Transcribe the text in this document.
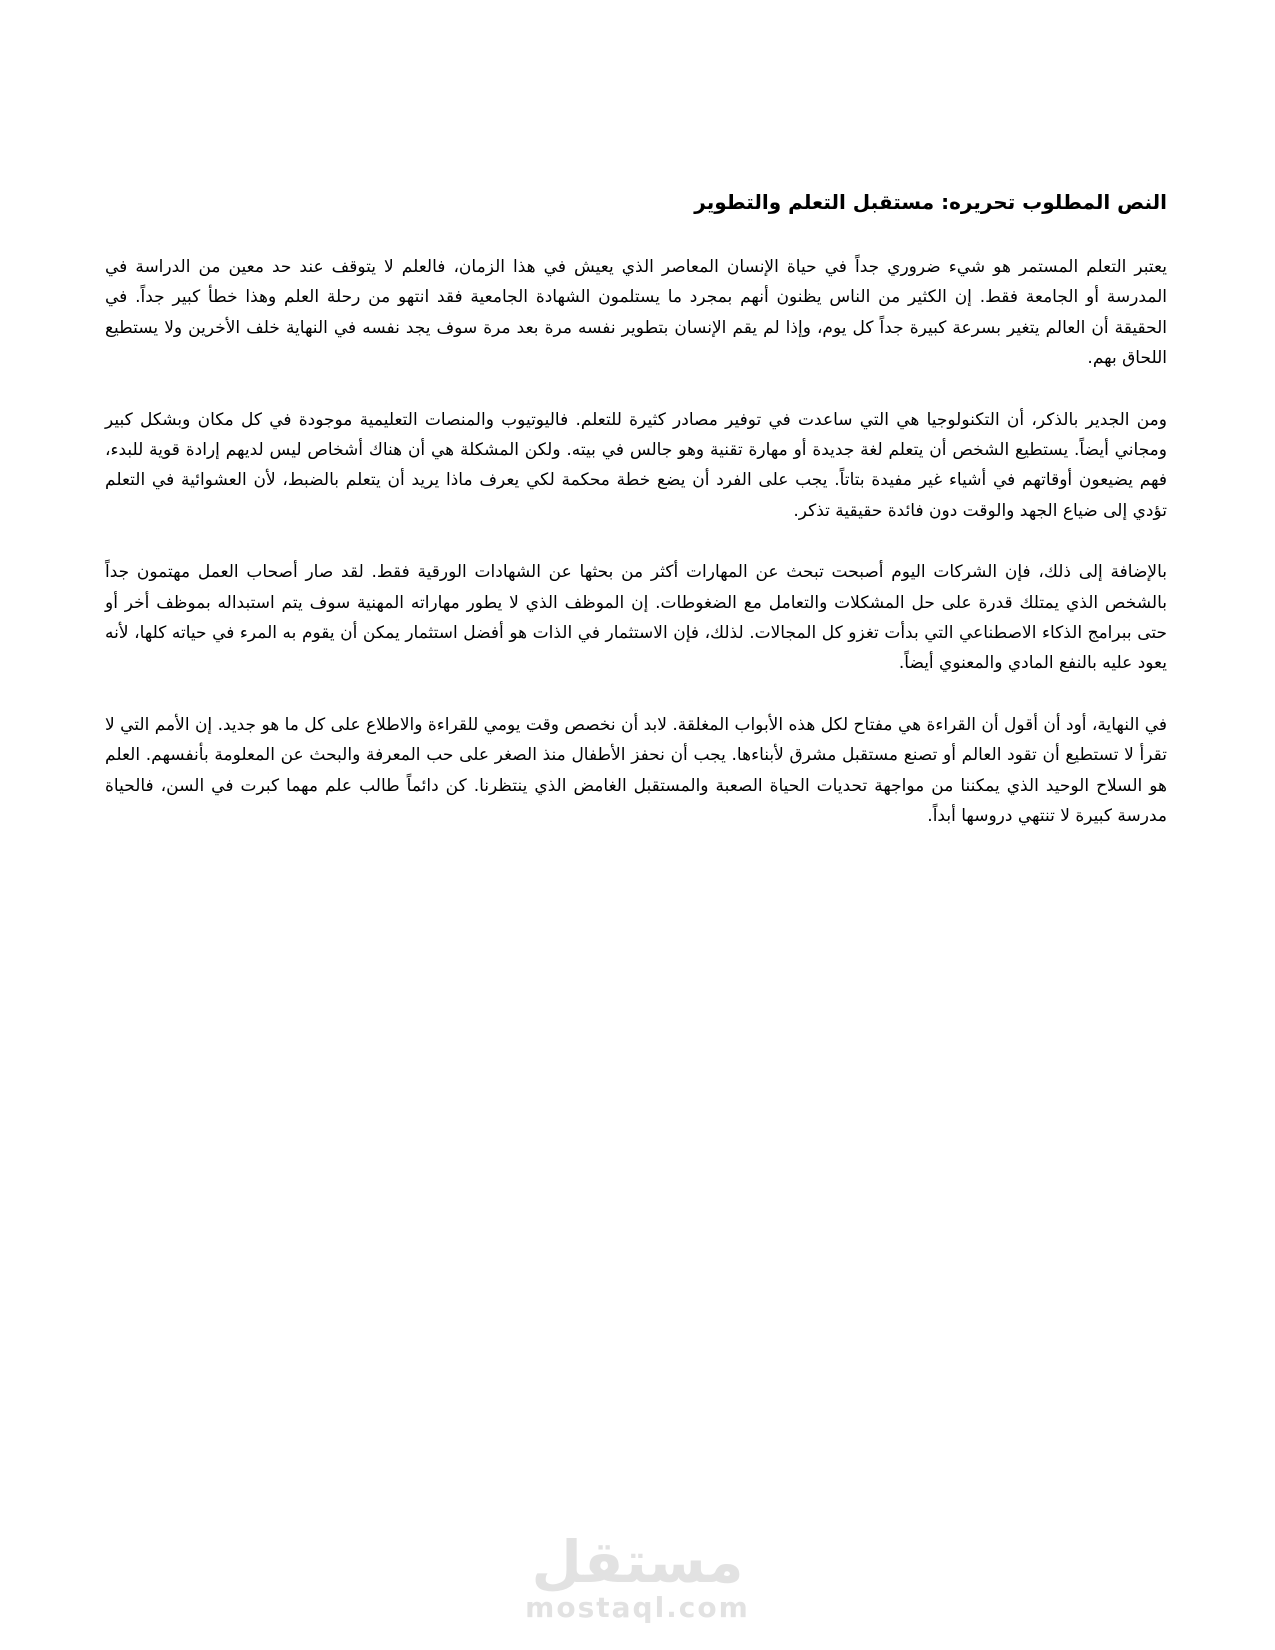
النص المطلوب تحريره: مستقبل التعلم والتطوير

يعتبر التعلم المستمر هو شيء ضروري جداً في حياة الإنسان المعاصر الذي يعيش في هذا الزمان، فالعلم لا يتوقف عند حد معين من الدراسة في المدرسة أو الجامعة فقط. إن الكثير من الناس يظنون أنهم بمجرد ما يستلمون الشهادة الجامعية فقد انتهو من رحلة العلم وهذا خطأ كبير جداً. في الحقيقة أن العالم يتغير بسرعة كبيرة جداً كل يوم، وإذا لم يقم الإنسان بتطوير نفسه مرة بعد مرة سوف يجد نفسه في النهاية خلف الأخرين ولا يستطيع اللحاق بهم.

ومن الجدير بالذكر، أن التكنولوجيا هي التي ساعدت في توفير مصادر كثيرة للتعلم. فاليوتيوب والمنصات التعليمية موجودة في كل مكان وبشكل كبير ومجاني أيضاً. يستطيع الشخص أن يتعلم لغة جديدة أو مهارة تقنية وهو جالس في بيته. ولكن المشكلة هي أن هناك أشخاص ليس لديهم إرادة قوية للبدء، فهم يضيعون أوقاتهم في أشياء غير مفيدة بتاتاً. يجب على الفرد أن يضع خطة محكمة لكي يعرف ماذا يريد أن يتعلم بالضبط، لأن العشوائية في التعلم تؤدي إلى ضياع الجهد والوقت دون فائدة حقيقية تذكر.

بالإضافة إلى ذلك، فإن الشركات اليوم أصبحت تبحث عن المهارات أكثر من بحثها عن الشهادات الورقية فقط. لقد صار أصحاب العمل مهتمون جداً بالشخص الذي يمتلك قدرة على حل المشكلات والتعامل مع الضغوطات. إن الموظف الذي لا يطور مهاراته المهنية سوف يتم استبداله بموظف أخر أو حتى ببرامج الذكاء الاصطناعي التي بدأت تغزو كل المجالات. لذلك، فإن الاستثمار في الذات هو أفضل استثمار يمكن أن يقوم به المرء في حياته كلها، لأنه يعود عليه بالنفع المادي والمعنوي أيضاً.

في النهاية، أود أن أقول أن القراءة هي مفتاح لكل هذه الأبواب المغلقة. لابد أن نخصص وقت يومي للقراءة والاطلاع على كل ما هو جديد. إن الأمم التي لا تقرأ لا تستطيع أن تقود العالم أو تصنع مستقبل مشرق لأبناءها. يجب أن نحفز الأطفال منذ الصغر على حب المعرفة والبحث عن المعلومة بأنفسهم. العلم هو السلاح الوحيد الذي يمكننا من مواجهة تحديات الحياة الصعبة والمستقبل الغامض الذي ينتظرنا. كن دائماً طالب علم مهما كبرت في السن، فالحياة مدرسة كبيرة لا تنتهي دروسها أبداً.

مستقل
mostaql.com
